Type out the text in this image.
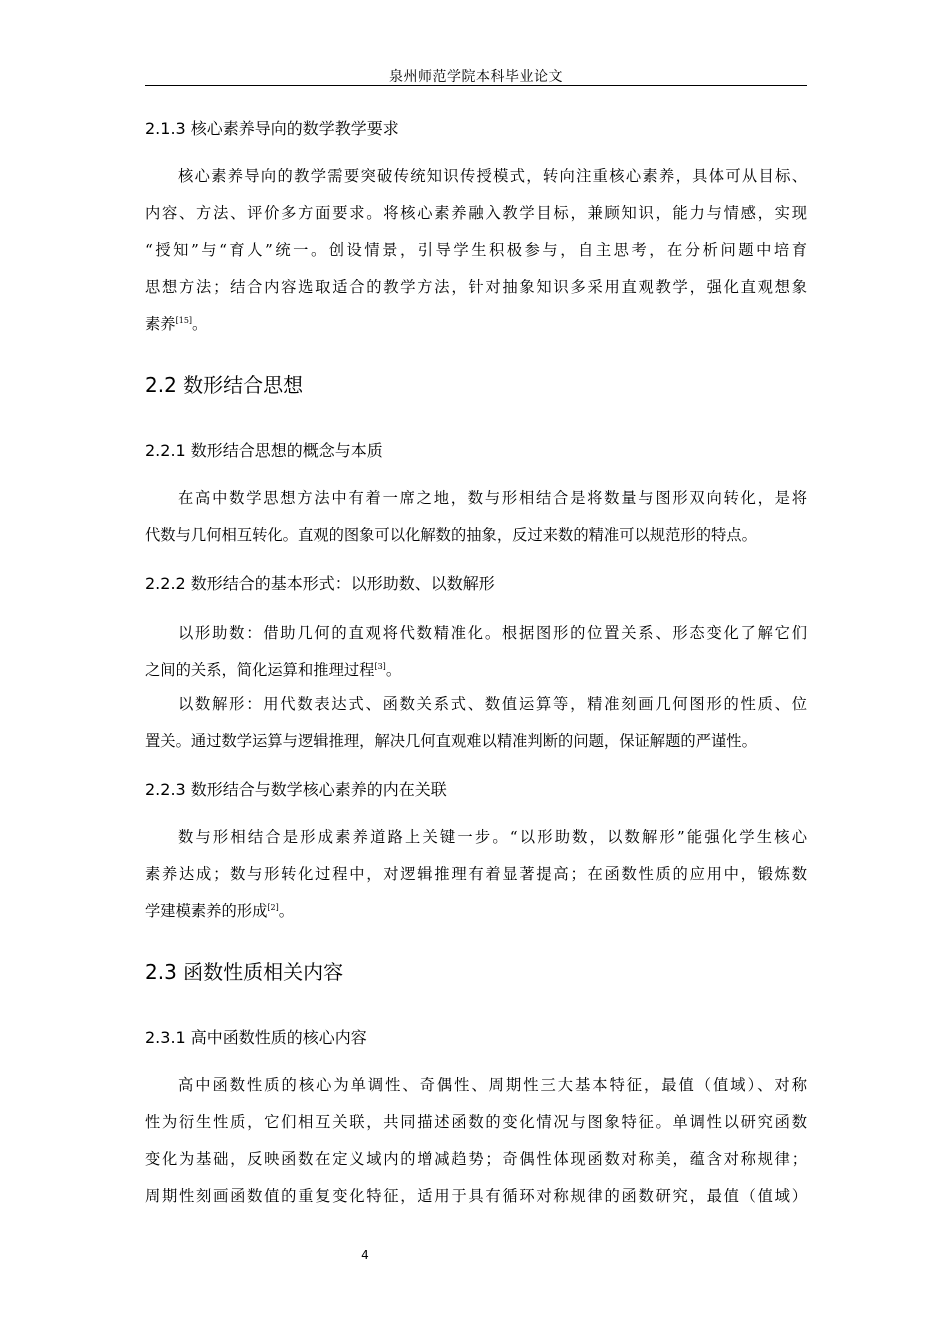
泉州师范学院本科毕业论文
2.1.3 核心素养导向的数学教学要求
核心素养导向的教学需要突破传统知识传授模式，转向注重核心素养，具体可从目标、
内容、方法、评价多方面要求。将核心素养融入教学目标，兼顾知识，能力与情感，实现
“授知”与“育人”统一。创设情景，引导学生积极参与，自主思考，在分析问题中培育
思想方法；结合内容选取适合的教学方法，针对抽象知识多采用直观教学，强化直观想象
素养[15]。
2.2 数形结合思想
2.2.1 数形结合思想的概念与本质
在高中数学思想方法中有着一席之地，数与形相结合是将数量与图形双向转化，是将
代数与几何相互转化。直观的图象可以化解数的抽象，反过来数的精准可以规范形的特点。
2.2.2 数形结合的基本形式：以形助数、以数解形
以形助数：借助几何的直观将代数精准化。根据图形的位置关系、形态变化了解它们
之间的关系，简化运算和推理过程[3]。
以数解形：用代数表达式、函数关系式、数值运算等，精准刻画几何图形的性质、位
置关。通过数学运算与逻辑推理，解决几何直观难以精准判断的问题，保证解题的严谨性。
2.2.3 数形结合与数学核心素养的内在关联
数与形相结合是形成素养道路上关键一步。“以形助数，以数解形”能强化学生核心
素养达成；数与形转化过程中，对逻辑推理有着显著提高；在函数性质的应用中，锻炼数
学建模素养的形成[2]。
2.3 函数性质相关内容
2.3.1 高中函数性质的核心内容
高中函数性质的核心为单调性、奇偶性、周期性三大基本特征，最值（值域）、对称
性为衍生性质，它们相互关联，共同描述函数的变化情况与图象特征。单调性以研究函数
变化为基础，反映函数在定义域内的增减趋势；奇偶性体现函数对称美，蕴含对称规律；
周期性刻画函数值的重复变化特征，适用于具有循环对称规律的函数研究，最值（值域）
4
